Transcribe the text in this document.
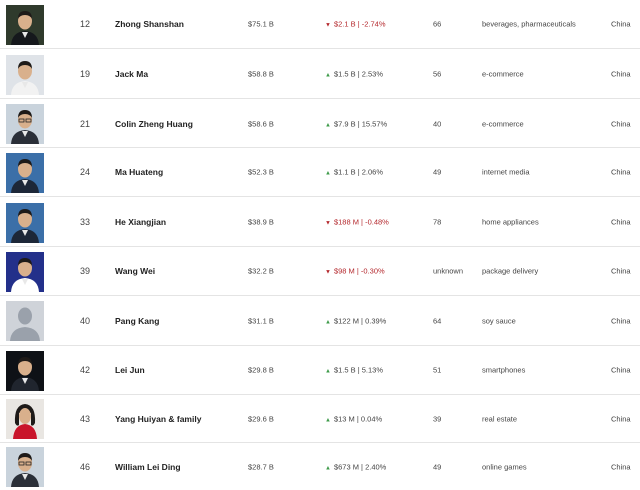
12	Zhong Shanshan	$75.1 B	▼ $2.1 B | -2.74%	66	beverages, pharmaceuticals	China
19	Jack Ma	$58.8 B	▲ $1.5 B | 2.53%	56	e-commerce	China
21	Colin Zheng Huang	$58.6 B	▲ $7.9 B | 15.57%	40	e-commerce	China
24	Ma Huateng	$52.3 B	▲ $1.1 B | 2.06%	49	internet media	China
33	He Xiangjian	$38.9 B	▼ $188 M | -0.48%	78	home appliances	China
39	Wang Wei	$32.2 B	▼ $98 M | -0.30%	unknown	package delivery	China
40	Pang Kang	$31.1 B	▲ $122 M | 0.39%	64	soy sauce	China
42	Lei Jun	$29.8 B	▲ $1.5 B | 5.13%	51	smartphones	China
43	Yang Huiyan & family	$29.6 B	▲ $13 M | 0.04%	39	real estate	China
46	William Lei Ding	$28.7 B	▲ $673 M | 2.40%	49	online games	China
